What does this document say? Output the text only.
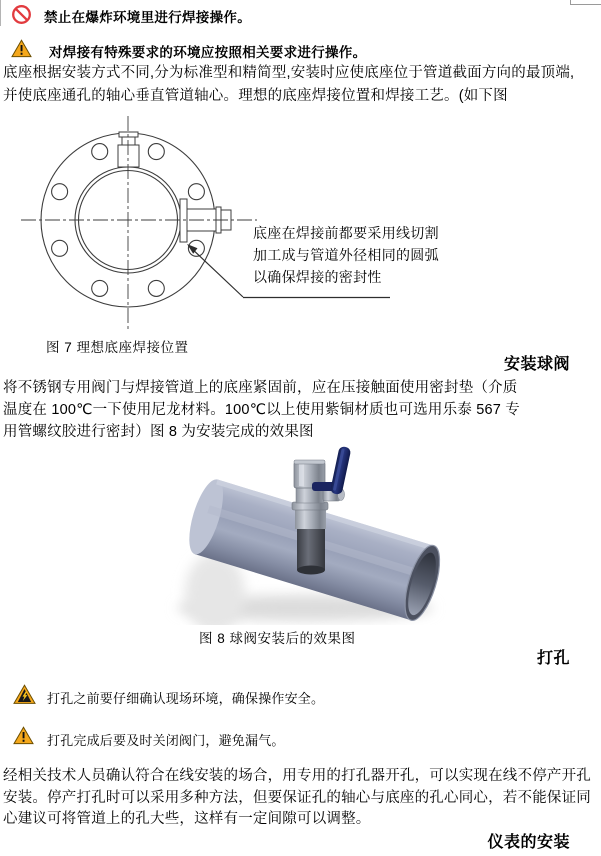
禁止在爆炸环境里进行焊接操作。
对焊接有特殊要求的环境应按照相关要求进行操作。
底座根据安装方式不同,分为标准型和精简型,安装时应使底座位于管道截面方向的最顶端,
并使底座通孔的轴心垂直管道轴心。理想的底座焊接位置和焊接工艺。(如下图
底座在焊接前都要采用线切割
加工成与管道外径相同的圆弧
以确保焊接的密封性
图 7 理想底座焊接位置
安装球阀
将不锈钢专用阀门与焊接管道上的底座紧固前，应在压接触面使用密封垫（介质
温度在 100℃一下使用尼龙材料。100℃以上使用紫铜材质也可选用乐泰 567 专
用管螺纹胶进行密封）图 8 为安装完成的效果图
图 8 球阀安装后的效果图
打孔
打孔之前要仔细确认现场环境，确保操作安全。
打孔完成后要及时关闭阀门，避免漏气。
经相关技术人员确认符合在线安装的场合，用专用的打孔器开孔，可以实现在线不停产开孔
安装。停产打孔时可以采用多种方法，但要保证孔的轴心与底座的孔心同心，若不能保证同
心建议可将管道上的孔大些，这样有一定间隙可以调整。
仪表的安装
